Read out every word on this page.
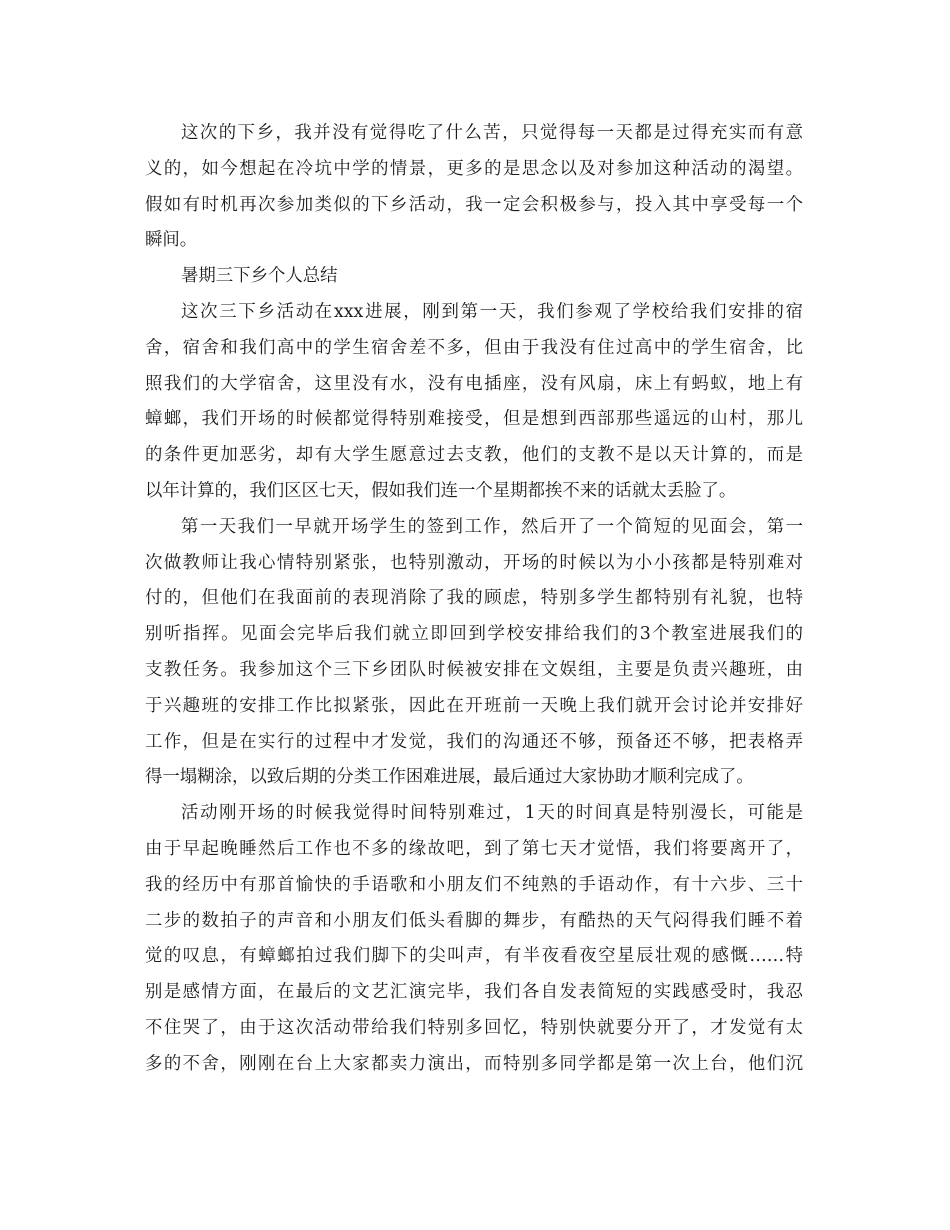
这次的下乡，我并没有觉得吃了什么苦，只觉得每一天都是过得充实而有意
义的，如今想起在冷坑中学的情景，更多的是思念以及对参加这种活动的渴望。
假如有时机再次参加类似的下乡活动，我一定会积极参与，投入其中享受每一个
瞬间。
暑期三下乡个人总结
这次三下乡活动在xxx进展，刚到第一天，我们参观了学校给我们安排的宿
舍，宿舍和我们高中的学生宿舍差不多，但由于我没有住过高中的学生宿舍，比
照我们的大学宿舍，这里没有水，没有电插座，没有风扇，床上有蚂蚁，地上有
蟑螂，我们开场的时候都觉得特别难接受，但是想到西部那些遥远的山村，那儿
的条件更加恶劣，却有大学生愿意过去支教，他们的支教不是以天计算的，而是
以年计算的，我们区区七天，假如我们连一个星期都挨不来的话就太丢脸了。
第一天我们一早就开场学生的签到工作，然后开了一个简短的见面会，第一
次做教师让我心情特别紧张，也特别激动，开场的时候以为小小孩都是特别难对
付的，但他们在我面前的表现消除了我的顾虑，特别多学生都特别有礼貌，也特
别听指挥。见面会完毕后我们就立即回到学校安排给我们的3个教室进展我们的
支教任务。我参加这个三下乡团队时候被安排在文娱组，主要是负责兴趣班，由
于兴趣班的安排工作比拟紧张，因此在开班前一天晚上我们就开会讨论并安排好
工作，但是在实行的过程中才发觉，我们的沟通还不够，预备还不够，把表格弄
得一塌糊涂，以致后期的分类工作困难进展，最后通过大家协助才顺利完成了。
活动刚开场的时候我觉得时间特别难过，1天的时间真是特别漫长，可能是
由于早起晚睡然后工作也不多的缘故吧，到了第七天才觉悟，我们将要离开了，
我的经历中有那首愉快的手语歌和小朋友们不纯熟的手语动作，有十六步、三十
二步的数拍子的声音和小朋友们低头看脚的舞步，有酷热的天气闷得我们睡不着
觉的叹息，有蟑螂拍过我们脚下的尖叫声，有半夜看夜空星辰壮观的感慨……特
别是感情方面，在最后的文艺汇演完毕，我们各自发表简短的实践感受时，我忍
不住哭了，由于这次活动带给我们特别多回忆，特别快就要分开了，才发觉有太
多的不舍，刚刚在台上大家都卖力演出，而特别多同学都是第一次上台，他们沉
